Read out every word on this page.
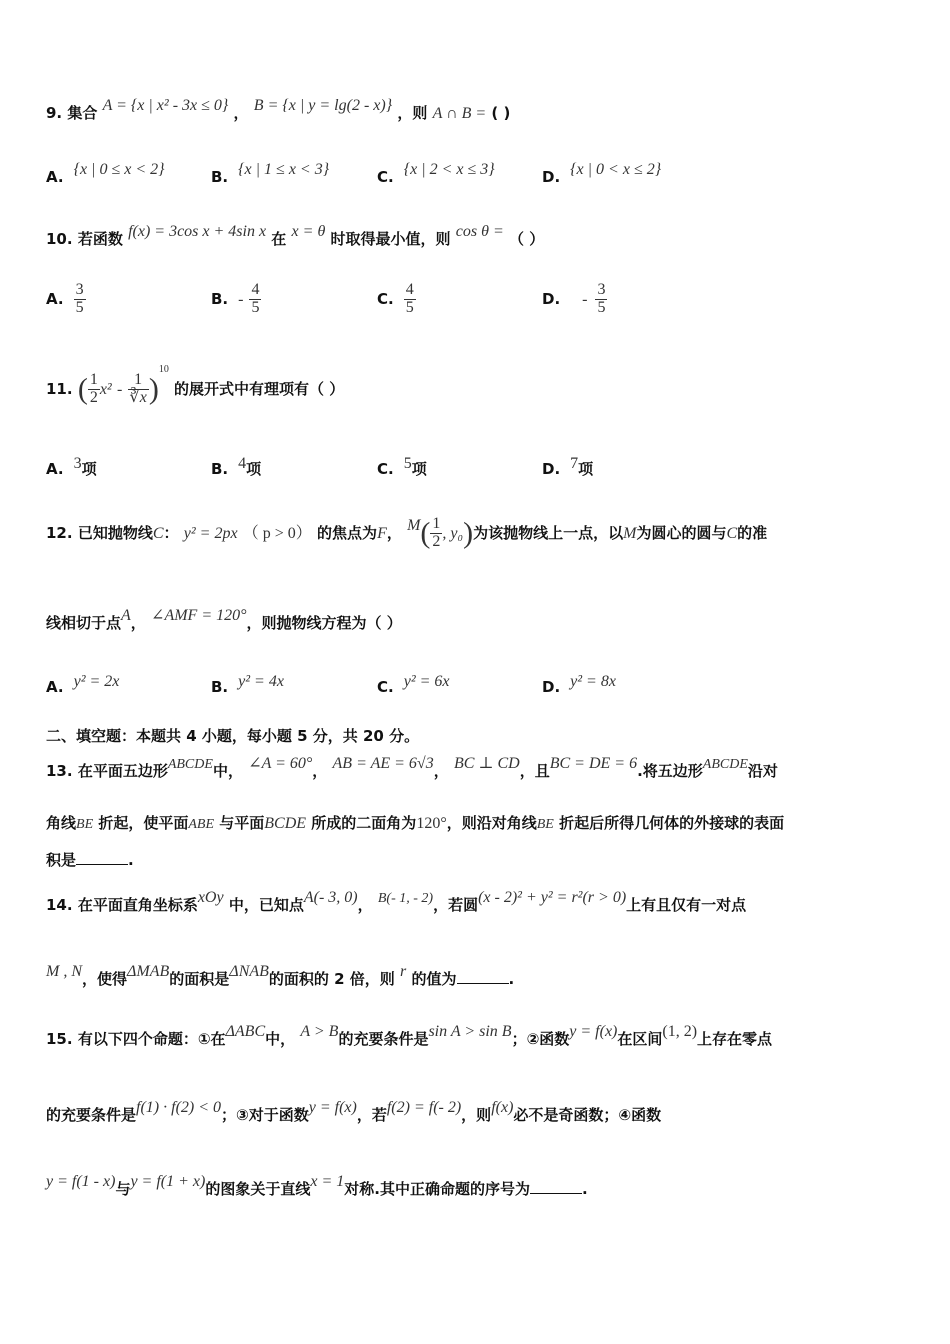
9. 集合 A = {x | x² - 3x ≤ 0} ， B = {x | y = lg(2 - x)} ，则 A ∩ B = ( )
A. {x | 0 ≤ x < 2}	B. {x | 1 ≤ x < 3}	C. {x | 2 < x ≤ 3}	D. {x | 0 < x ≤ 2}
10. 若函数 f(x) = 3cos x + 4sin x 在 x = θ 时取得最小值，则 cos θ = （ ）
A. $\frac{3}{5}$	B. - $\frac{4}{5}$	C. $\frac{4}{5}$	D. - $\frac{3}{5}$
11. ( $\frac{1}{2} x^2 - \frac{1}{∛x} )^{10}$ 的展开式中有理项有（ ）
A. 3项	B. 4项	C. 5项	D. 7项
12. 已知抛物线C： y² = 2px （ p > 0） 的焦点为F， $M( \frac{1}{2}$ , y₀)为该抛物线上一点，以M为圆心的圆与C的准
线相切于点A， ∠AMF = 120°，则抛物线方程为（ ）
A. y² = 2x	B. y² = 4x	C. y² = 6x	D. y² = 8x
二、填空题：本题共 4 小题，每小题 5 分，共 20 分。
13. 在平面五边形ABCDE中， ∠A = 60°， AB = AE = 6√3， BC ⊥ CD，且BC = DE = 6.将五边形ABCDE沿对
角线BE 折起，使平面ABE 与平面BCDE 所成的二面角为120°，则沿对角线BE 折起后所得几何体的外接球的表面
积是	.
14. 在平面直角坐标系xOy 中，已知点A(- 3, 0)， B(- 1, - 2)，若圆(x - 2)² + y² = r²(r > 0)上有且仅有一对点
M , N，使得ΔMAB的面积是ΔNAB的面积的 2 倍，则 r 的值为	.
15. 有以下四个命题：①在ΔABC中， A > B的充要条件是sin A > sin B；②函数y = f(x)在区间(1, 2)上存在零点
的充要条件是f(1) · f(2) < 0；③对于函数y = f(x)，若f(2) = f(- 2)，则f(x)必不是奇函数；④函数
y = f(1 - x)与y = f(1 + x)的图象关于直线x = 1对称.其中正确命题的序号为	.
